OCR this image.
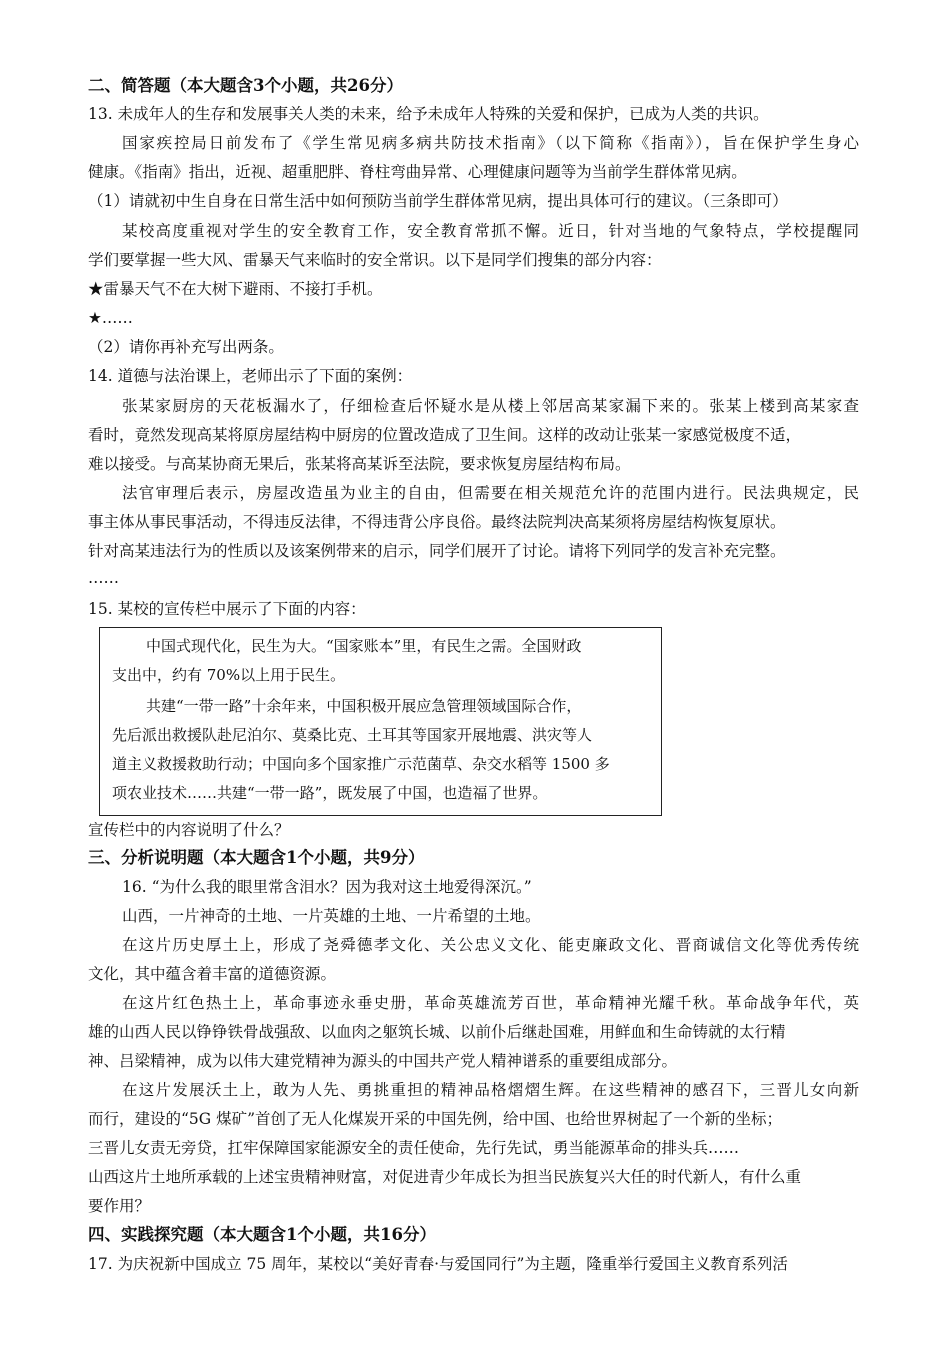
二、简答题（本大题含3个小题，共26分）
13. 未成年人的生存和发展事关人类的未来，给予未成年人特殊的关爱和保护，已成为人类的共识。
国家疾控局日前发布了《学生常见病多病共防技术指南》（以下简称《指南》），旨在保护学生身心
健康。《指南》指出，近视、超重肥胖、脊柱弯曲异常、心理健康问题等为当前学生群体常见病。
（1）请就初中生自身在日常生活中如何预防当前学生群体常见病，提出具体可行的建议。（三条即可）
某校高度重视对学生的安全教育工作，安全教育常抓不懈。近日，针对当地的气象特点，学校提醒同
学们要掌握一些大风、雷暴天气来临时的安全常识。以下是同学们搜集的部分内容：
★雷暴天气不在大树下避雨、不接打手机。
★……
（2）请你再补充写出两条。
14. 道德与法治课上，老师出示了下面的案例：
张某家厨房的天花板漏水了，仔细检查后怀疑水是从楼上邻居高某家漏下来的。张某上楼到高某家查
看时，竟然发现高某将原房屋结构中厨房的位置改造成了卫生间。这样的改动让张某一家感觉极度不适，
难以接受。与高某协商无果后，张某将高某诉至法院，要求恢复房屋结构布局。
法官审理后表示，房屋改造虽为业主的自由，但需要在相关规范允许的范围内进行。民法典规定，民
事主体从事民事活动，不得违反法律，不得违背公序良俗。最终法院判决高某须将房屋结构恢复原状。
针对高某违法行为的性质以及该案例带来的启示，同学们展开了讨论。请将下列同学的发言补充完整。
……
15. 某校的宣传栏中展示了下面的内容：
中国式现代化，民生为大。“国家账本”里，有民生之需。全国财政
支出中，约有 70%以上用于民生。
共建“一带一路”十余年来，中国积极开展应急管理领域国际合作，
先后派出救援队赴尼泊尔、莫桑比克、土耳其等国家开展地震、洪灾等人
道主义救援救助行动；中国向多个国家推广示范菌草、杂交水稻等 1500 多
项农业技术……共建“一带一路”，既发展了中国，也造福了世界。
宣传栏中的内容说明了什么？
三、分析说明题（本大题含1个小题，共9分）
16. “为什么我的眼里常含泪水？因为我对这土地爱得深沉。”
山西，一片神奇的土地、一片英雄的土地、一片希望的土地。
在这片历史厚土上，形成了尧舜德孝文化、关公忠义文化、能吏廉政文化、晋商诚信文化等优秀传统
文化，其中蕴含着丰富的道德资源。
在这片红色热土上，革命事迹永垂史册，革命英雄流芳百世，革命精神光耀千秋。革命战争年代，英
雄的山西人民以铮铮铁骨战强敌、以血肉之躯筑长城、以前仆后继赴国难，用鲜血和生命铸就的太行精
神、吕梁精神，成为以伟大建党精神为源头的中国共产党人精神谱系的重要组成部分。
在这片发展沃土上，敢为人先、勇挑重担的精神品格熠熠生辉。在这些精神的感召下，三晋儿女向新
而行，建设的“5G 煤矿”首创了无人化煤炭开采的中国先例，给中国、也给世界树起了一个新的坐标；
三晋儿女责无旁贷，扛牢保障国家能源安全的责任使命，先行先试，勇当能源革命的排头兵……
山西这片土地所承载的上述宝贵精神财富，对促进青少年成长为担当民族复兴大任的时代新人，有什么重
要作用？
四、实践探究题（本大题含1个小题，共16分）
17. 为庆祝新中国成立 75 周年，某校以“美好青春·与爱国同行”为主题，隆重举行爱国主义教育系列活
